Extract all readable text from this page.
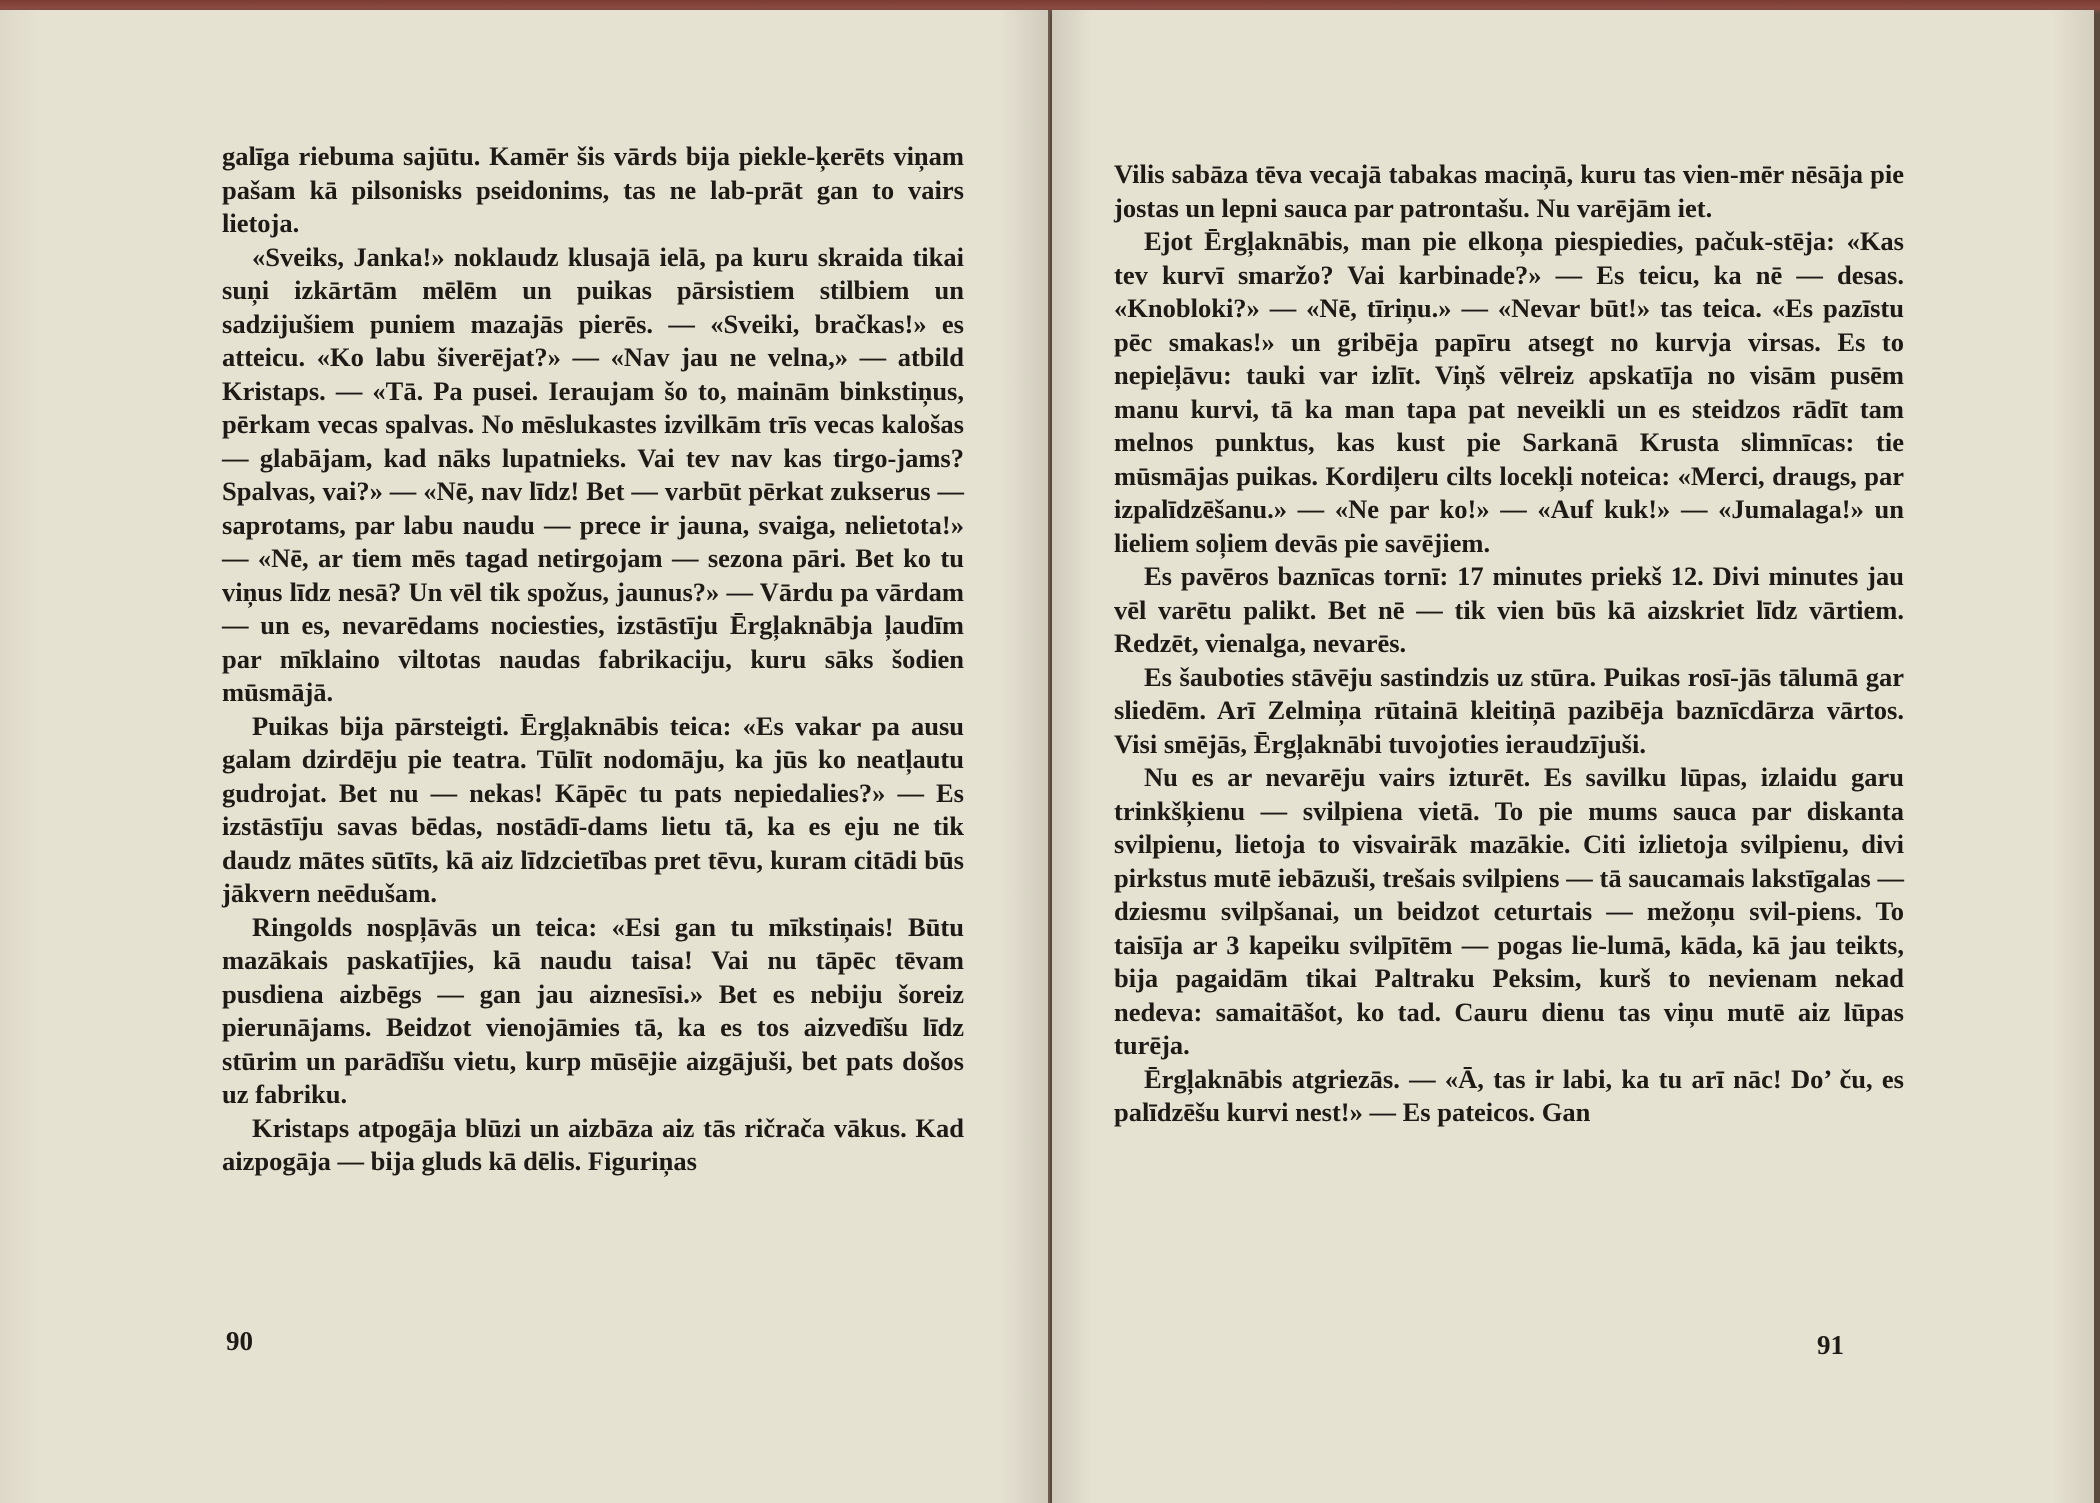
galīga riebuma sajūtu. Kamēr šis vārds bija piekle-ķerēts viņam pašam kā pilsonisks pseidonims, tas ne lab-prāt gan to vairs lietoja.

«Sveiks, Janka!» noklaudz klusajā ielā, pa kuru skraida tikai suņi izkārtām mēlēm un puikas pārsistiem stilbiem un sadzijušiem puniem mazajās pierēs. — «Sveiki, bračkas!» es atteicu. «Ko labu šiverējat?» — «Nav jau ne velna,» — atbild Kristaps. — «Tā. Pa pusei. Ieraujam šo to, mainām binkstiņus, pērkam vecas spalvas. No mēslukastes izvilkām trīs vecas kalošas — glabājam, kad nāks lupatnieks. Vai tev nav kas tirgo-jams? Spalvas, vai?» — «Nē, nav līdz! Bet — varbūt pērkat zukserus — saprotams, par labu naudu — prece ir jauna, svaiga, nelietota!» — «Nē, ar tiem mēs tagad netirgojam — sezona pāri. Bet ko tu viņus līdz nesā? Un vēl tik spožus, jaunus?» — Vārdu pa vārdam — un es, nevarēdams nociesties, izstāstīju Ērgļaknābja ļaudīm par mīklaino viltotas naudas fabrikaciju, kuru sāks šodien mūsmājā.

Puikas bija pārsteigti. Ērgļaknābis teica: «Es vakar pa ausu galam dzirdēju pie teatra. Tūlīt nodomāju, ka jūs ko neatļautu gudrojat. Bet nu — nekas! Kāpēc tu pats nepiedalies?» — Es izstāstīju savas bēdas, nostādī-dams lietu tā, ka es eju ne tik daudz mātes sūtīts, kā aiz līdzcietības pret tēvu, kuram citādi būs jākvern neēdušam.

Ringolds nospļāvās un teica: «Esi gan tu mīkstiņais! Būtu mazākais paskatījies, kā naudu taisa! Vai nu tāpēc tēvam pusdiena aizbēgs — gan jau aiznesīsi.» Bet es nebiju šoreiz pierunājams. Beidzot vienojāmies tā, ka es tos aizvedīšu līdz stūrim un parādīšu vietu, kurp mūsējie aizgājuši, bet pats došos uz fabriku.

Kristaps atpogāja blūzi un aizbāza aiz tās ričrača vākus. Kad aizpogāja — bija gluds kā dēlis. Figuriņas

90

Vilis sabāza tēva vecajā tabakas maciņā, kuru tas vien-mēr nēsāja pie jostas un lepni sauca par patrontašu. Nu varējām iet.

Ejot Ērgļaknābis, man pie elkoņa piespiedies, pačuk-stēja: «Kas tev kurvī smaržo? Vai karbinade?» — Es teicu, ka nē — desas. «Knobloki?» — «Nē, tīriņu.» — «Nevar būt!» tas teica. «Es pazīstu pēc smakas!» un gribēja papīru atsegt no kurvja virsas. Es to nepieļāvu: tauki var izlīt. Viņš vēlreiz apskatīja no visām pusēm manu kurvi, tā ka man tapa pat neveikli un es steidzos rādīt tam melnos punktus, kas kust pie Sarkanā Krusta slimnīcas: tie mūsmājas puikas. Kordiļeru cilts locekļi noteica: «Merci, draugs, par izpalīdzēšanu.» — «Ne par ko!» — «Auf kuk!» — «Jumalaga!» un lieliem soļiem devās pie savējiem.

Es pavēros baznīcas tornī: 17 minutes priekš 12. Divi minutes jau vēl varētu palikt. Bet nē — tik vien būs kā aizskriet līdz vārtiem. Redzēt, vienalga, nevarēs.

Es šauboties stāvēju sastindzis uz stūra. Puikas rosī-jās tālumā gar sliedēm. Arī Zelmiņa rūtainā kleitiņā pazibēja baznīcdārza vārtos. Visi smējās, Ērgļaknābi tuvojoties ieraudzījuši.

Nu es ar nevarēju vairs izturēt. Es savilku lūpas, izlaidu garu trinkšķienu — svilpiena vietā. To pie mums sauca par diskanta svilpienu, lietoja to visvairāk mazākie. Citi izlietoja svilpienu, divi pirkstus mutē iebāzuši, trešais svilpiens — tā saucamais lakstīgalas — dziesmu svilpšanai, un beidzot ceturtais — mežoņu svil-piens. To taisīja ar 3 kapeiku svilpītēm — pogas lie-lumā, kāda, kā jau teikts, bija pagaidām tikai Paltraku Peksim, kurš to nevienam nekad nedeva: samaitāšot, ko tad. Cauru dienu tas viņu mutē aiz lūpas turēja.

Ērgļaknābis atgriezās. — «Ā, tas ir labi, ka tu arī nāc! Do’ ču, es palīdzēšu kurvi nest!» — Es pateicos. Gan

91
